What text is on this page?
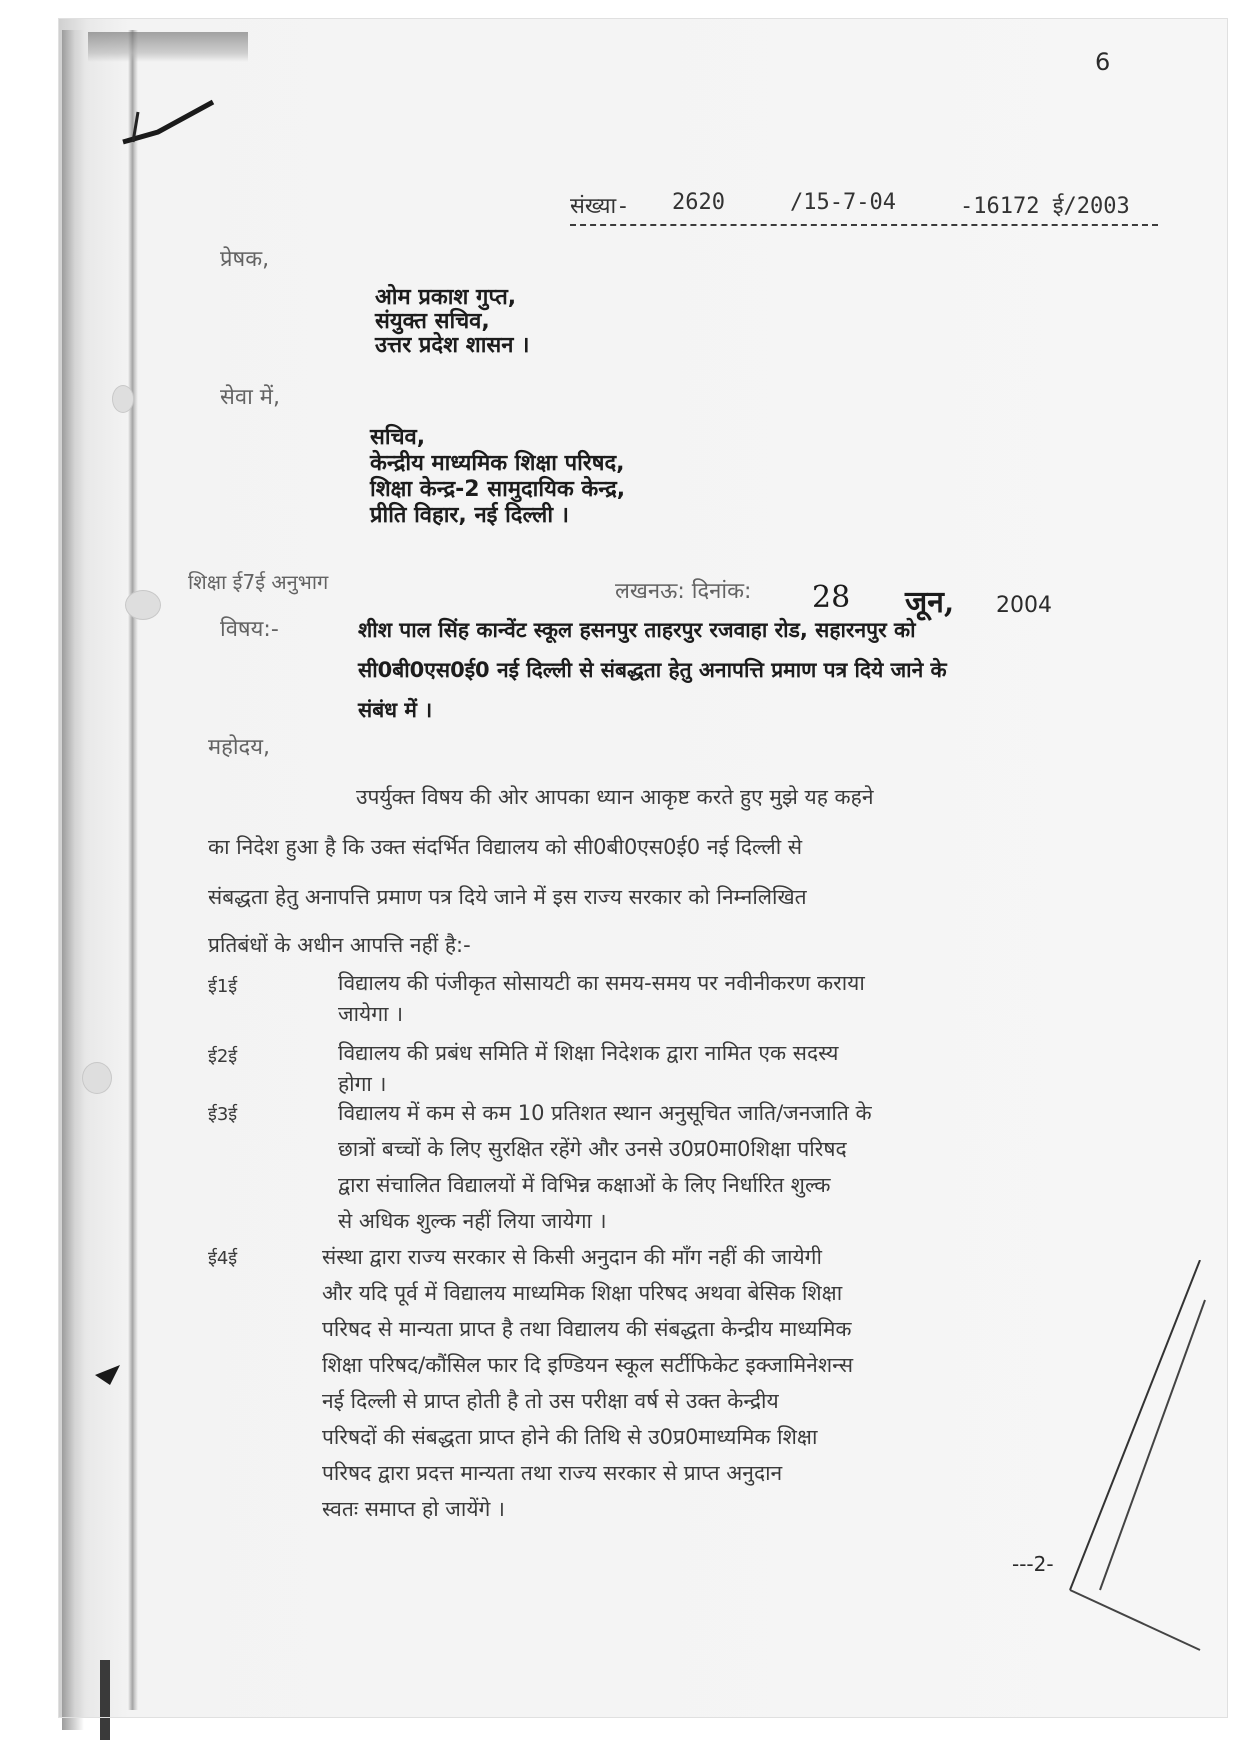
6
संख्या- 2620	/15-7-04	-16172 ई/2003
प्रेषक,
ओम प्रकाश गुप्त,
संयुक्त सचिव,
उत्तर प्रदेश शासन ।
सेवा में,
सचिव,
केन्द्रीय माध्यमिक शिक्षा परिषद,
शिक्षा केन्द्र-2 सामुदायिक केन्द्र,
प्रीति विहार, नई दिल्ली ।
शिक्षा ई7ई अनुभाग	लखनऊ: दिनांक: 28 जून, 2004
विषय:-	शीश पाल सिंह कान्वेंट स्कूल हसनपुर ताहरपुर रजवाहा रोड, सहारनपुर को
सी0बी0एस0ई0 नई दिल्ली से संबद्धता हेतु अनापत्ति प्रमाण पत्र दिये जाने के
संबंध में ।
महोदय,
उपर्युक्त विषय की ओर आपका ध्यान आकृष्ट करते हुए मुझे यह कहने
का निदेश हुआ है कि उक्त संदर्भित विद्यालय को सी0बी0एस0ई0 नई दिल्ली से
संबद्धता हेतु अनापत्ति प्रमाण पत्र दिये जाने में इस राज्य सरकार को निम्नलिखित
प्रतिबंधों के अधीन आपत्ति नहीं है:-
ई1ई	विद्यालय की पंजीकृत सोसायटी का समय-समय पर नवीनीकरण कराया
जायेगा ।
ई2ई	विद्यालय की प्रबंध समिति में शिक्षा निदेशक द्वारा नामित एक सदस्य
होगा ।
ई3ई	विद्यालय में कम से कम 10 प्रतिशत स्थान अनुसूचित जाति/जनजाति के
छात्रों बच्चों के लिए सुरक्षित रहेंगे और उनसे उ0प्र0मा0शिक्षा परिषद
द्वारा संचालित विद्यालयों में विभिन्न कक्षाओं के लिए निर्धारित शुल्क
से अधिक शुल्क नहीं लिया जायेगा ।
ई4ई	संस्था द्वारा राज्य सरकार से किसी अनुदान की माँग नहीं की जायेगी
और यदि पूर्व में विद्यालय माध्यमिक शिक्षा परिषद अथवा बेसिक शिक्षा
परिषद से मान्यता प्राप्त है तथा विद्यालय की संबद्धता केन्द्रीय माध्यमिक
शिक्षा परिषद/कौंसिल फार दि इण्डियन स्कूल सर्टीफिकेट इक्जामिनेशन्स
नई दिल्ली से प्राप्त होती है तो उस परीक्षा वर्ष से उक्त केन्द्रीय
परिषदों की संबद्धता प्राप्त होने की तिथि से उ0प्र0माध्यमिक शिक्षा
परिषद द्वारा प्रदत्त मान्यता तथा राज्य सरकार से प्राप्त अनुदान
स्वतः समाप्त हो जायेंगे ।
---2-
